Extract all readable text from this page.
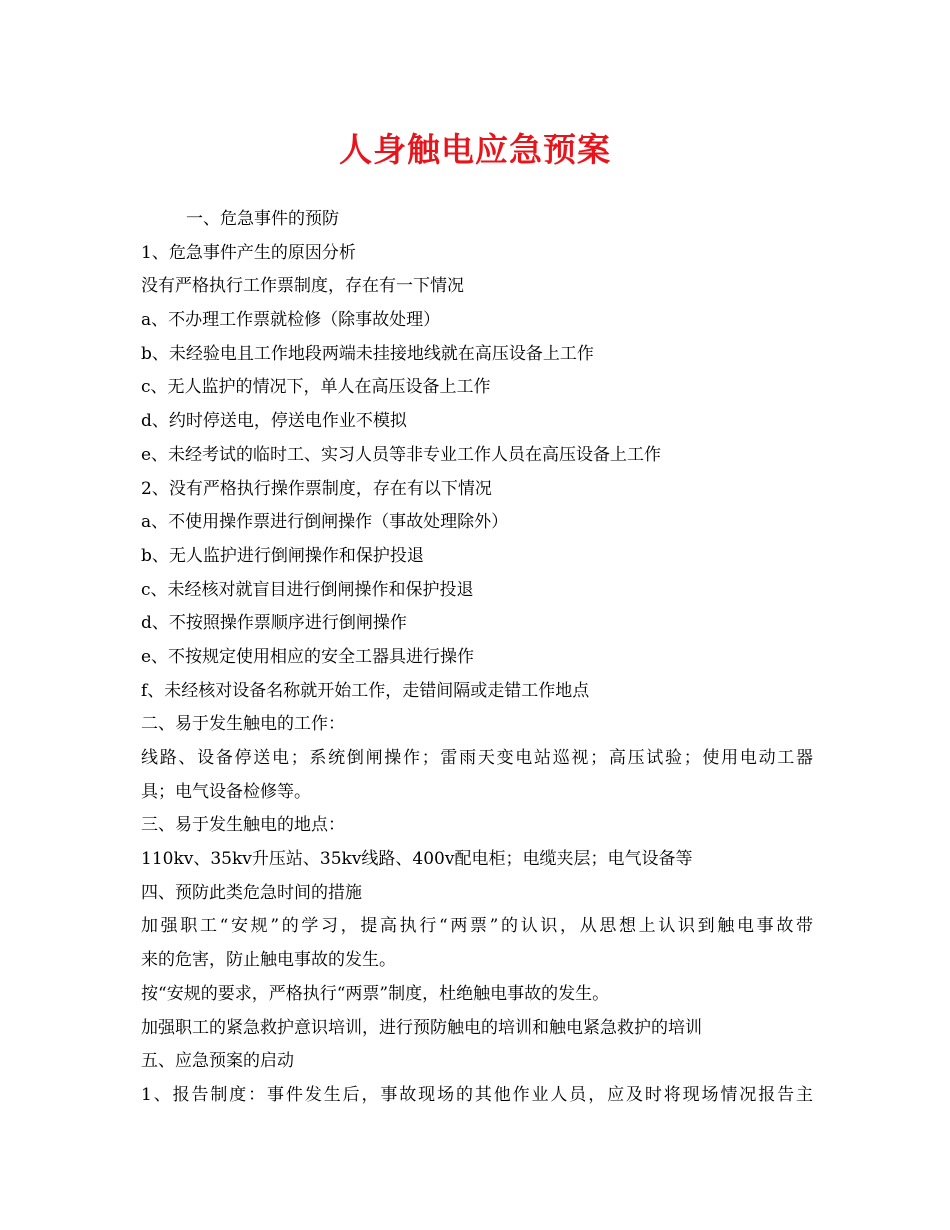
人身触电应急预案
一、危急事件的预防
1、危急事件产生的原因分析
没有严格执行工作票制度，存在有一下情况
a、不办理工作票就检修（除事故处理）
b、未经验电且工作地段两端未挂接地线就在高压设备上工作
c、无人监护的情况下，单人在高压设备上工作
d、约时停送电，停送电作业不模拟
e、未经考试的临时工、实习人员等非专业工作人员在高压设备上工作
2、没有严格执行操作票制度，存在有以下情况
a、不使用操作票进行倒闸操作（事故处理除外）
b、无人监护进行倒闸操作和保护投退
c、未经核对就盲目进行倒闸操作和保护投退
d、不按照操作票顺序进行倒闸操作
e、不按规定使用相应的安全工器具进行操作
f、未经核对设备名称就开始工作，走错间隔或走错工作地点
二、易于发生触电的工作：
线路、设备停送电；系统倒闸操作；雷雨天变电站巡视；高压试验；使用电动工器
具；电气设备检修等。
三、易于发生触电的地点：
110kv、35kv升压站、35kv线路、400v配电柜；电缆夹层；电气设备等
四、预防此类危急时间的措施
加强职工“安规”的学习，提高执行“两票”的认识，从思想上认识到触电事故带
来的危害，防止触电事故的发生。
按“安规的要求，严格执行“两票”制度，杜绝触电事故的发生。
加强职工的紧急救护意识培训，进行预防触电的培训和触电紧急救护的培训
五、应急预案的启动
1、报告制度：事件发生后，事故现场的其他作业人员，应及时将现场情况报告主
